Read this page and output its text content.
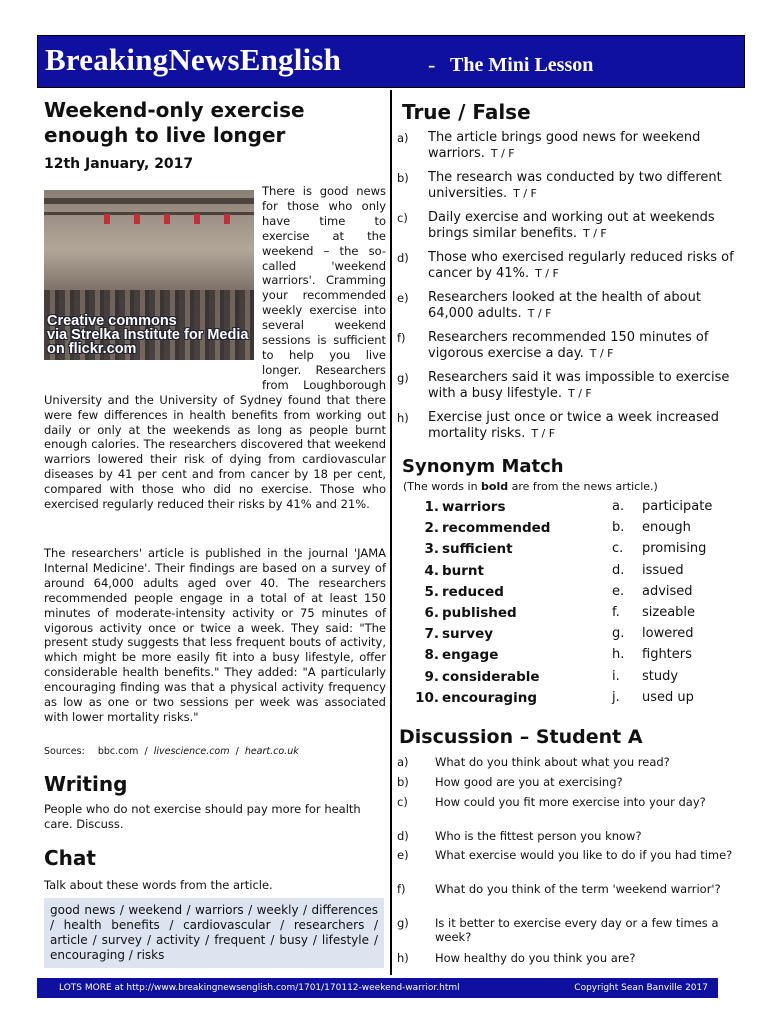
BreakingNewsEnglish	- The Mini Lesson
Weekend-only exercise
enough to live longer
12th January, 2017
There is good news for those who only have time to exercise at the weekend – the so-called 'weekend warriors'. Cramming your recommended weekly exercise into several weekend sessions is sufficient to help you live longer. Researchers from Loughborough University and the University of Sydney found that there were few differences in health benefits from working out daily or only at the weekends as long as people burnt enough calories. The researchers discovered that weekend warriors lowered their risk of dying from cardiovascular diseases by 41 per cent and from cancer by 18 per cent, compared with those who did no exercise. Those who exercised regularly reduced their risks by 41% and 21%.
Creative commons
via Strelka Institute for Media
on flickr.com

The researchers' article is published in the journal 'JAMA Internal Medicine'. Their findings are based on a survey of around 64,000 adults aged over 40. The researchers recommended people engage in a total of at least 150 minutes of moderate-intensity activity or 75 minutes of vigorous activity once or twice a week. They said: "The present study suggests that less frequent bouts of activity, which might be more easily fit into a busy lifestyle, offer considerable health benefits." They added: "A particularly encouraging finding was that a physical activity frequency as low as one or two sessions per week was associated with lower mortality risks."

Sources: bbc.com / livescience.com / heart.co.uk
Writing
People who do not exercise should pay more for health care. Discuss.
Chat
Talk about these words from the article.
good news / weekend / warriors / weekly / differences / health benefits / cardiovascular / researchers / article / survey / activity / frequent / busy / lifestyle / encouraging / risks
True / False
a) The article brings good news for weekend warriors. T / F
b) The research was conducted by two different universities. T / F
c) Daily exercise and working out at weekends brings similar benefits. T / F
d) Those who exercised regularly reduced risks of cancer by 41%. T / F
e) Researchers looked at the health of about 64,000 adults. T / F
f) Researchers recommended 150 minutes of vigorous exercise a day. T / F
g) Researchers said it was impossible to exercise with a busy lifestyle. T / F
h) Exercise just once or twice a week increased mortality risks. T / F
Synonym Match
(The words in bold are from the news article.)
1. warriors	a. participate
2. recommended	b. enough
3. sufficient	c. promising
4. burnt	d. issued
5. reduced	e. advised
6. published	f. sizeable
7. survey	g. lowered
8. engage	h. fighters
9. considerable	i. study
10. encouraging	j. used up
Discussion – Student A
a) What do you think about what you read?
b) How good are you at exercising?
c) How could you fit more exercise into your day?
d) Who is the fittest person you know?
e) What exercise would you like to do if you had time?
f)	What do you think of the term 'weekend warrior'?
g) Is it better to exercise every day or a few times a week?
h) How healthy do you think you are?
LOTS MORE at http://www.breakingnewsenglish.com/1701/170112-weekend-warrior.html	Copyright Sean Banville 2017
